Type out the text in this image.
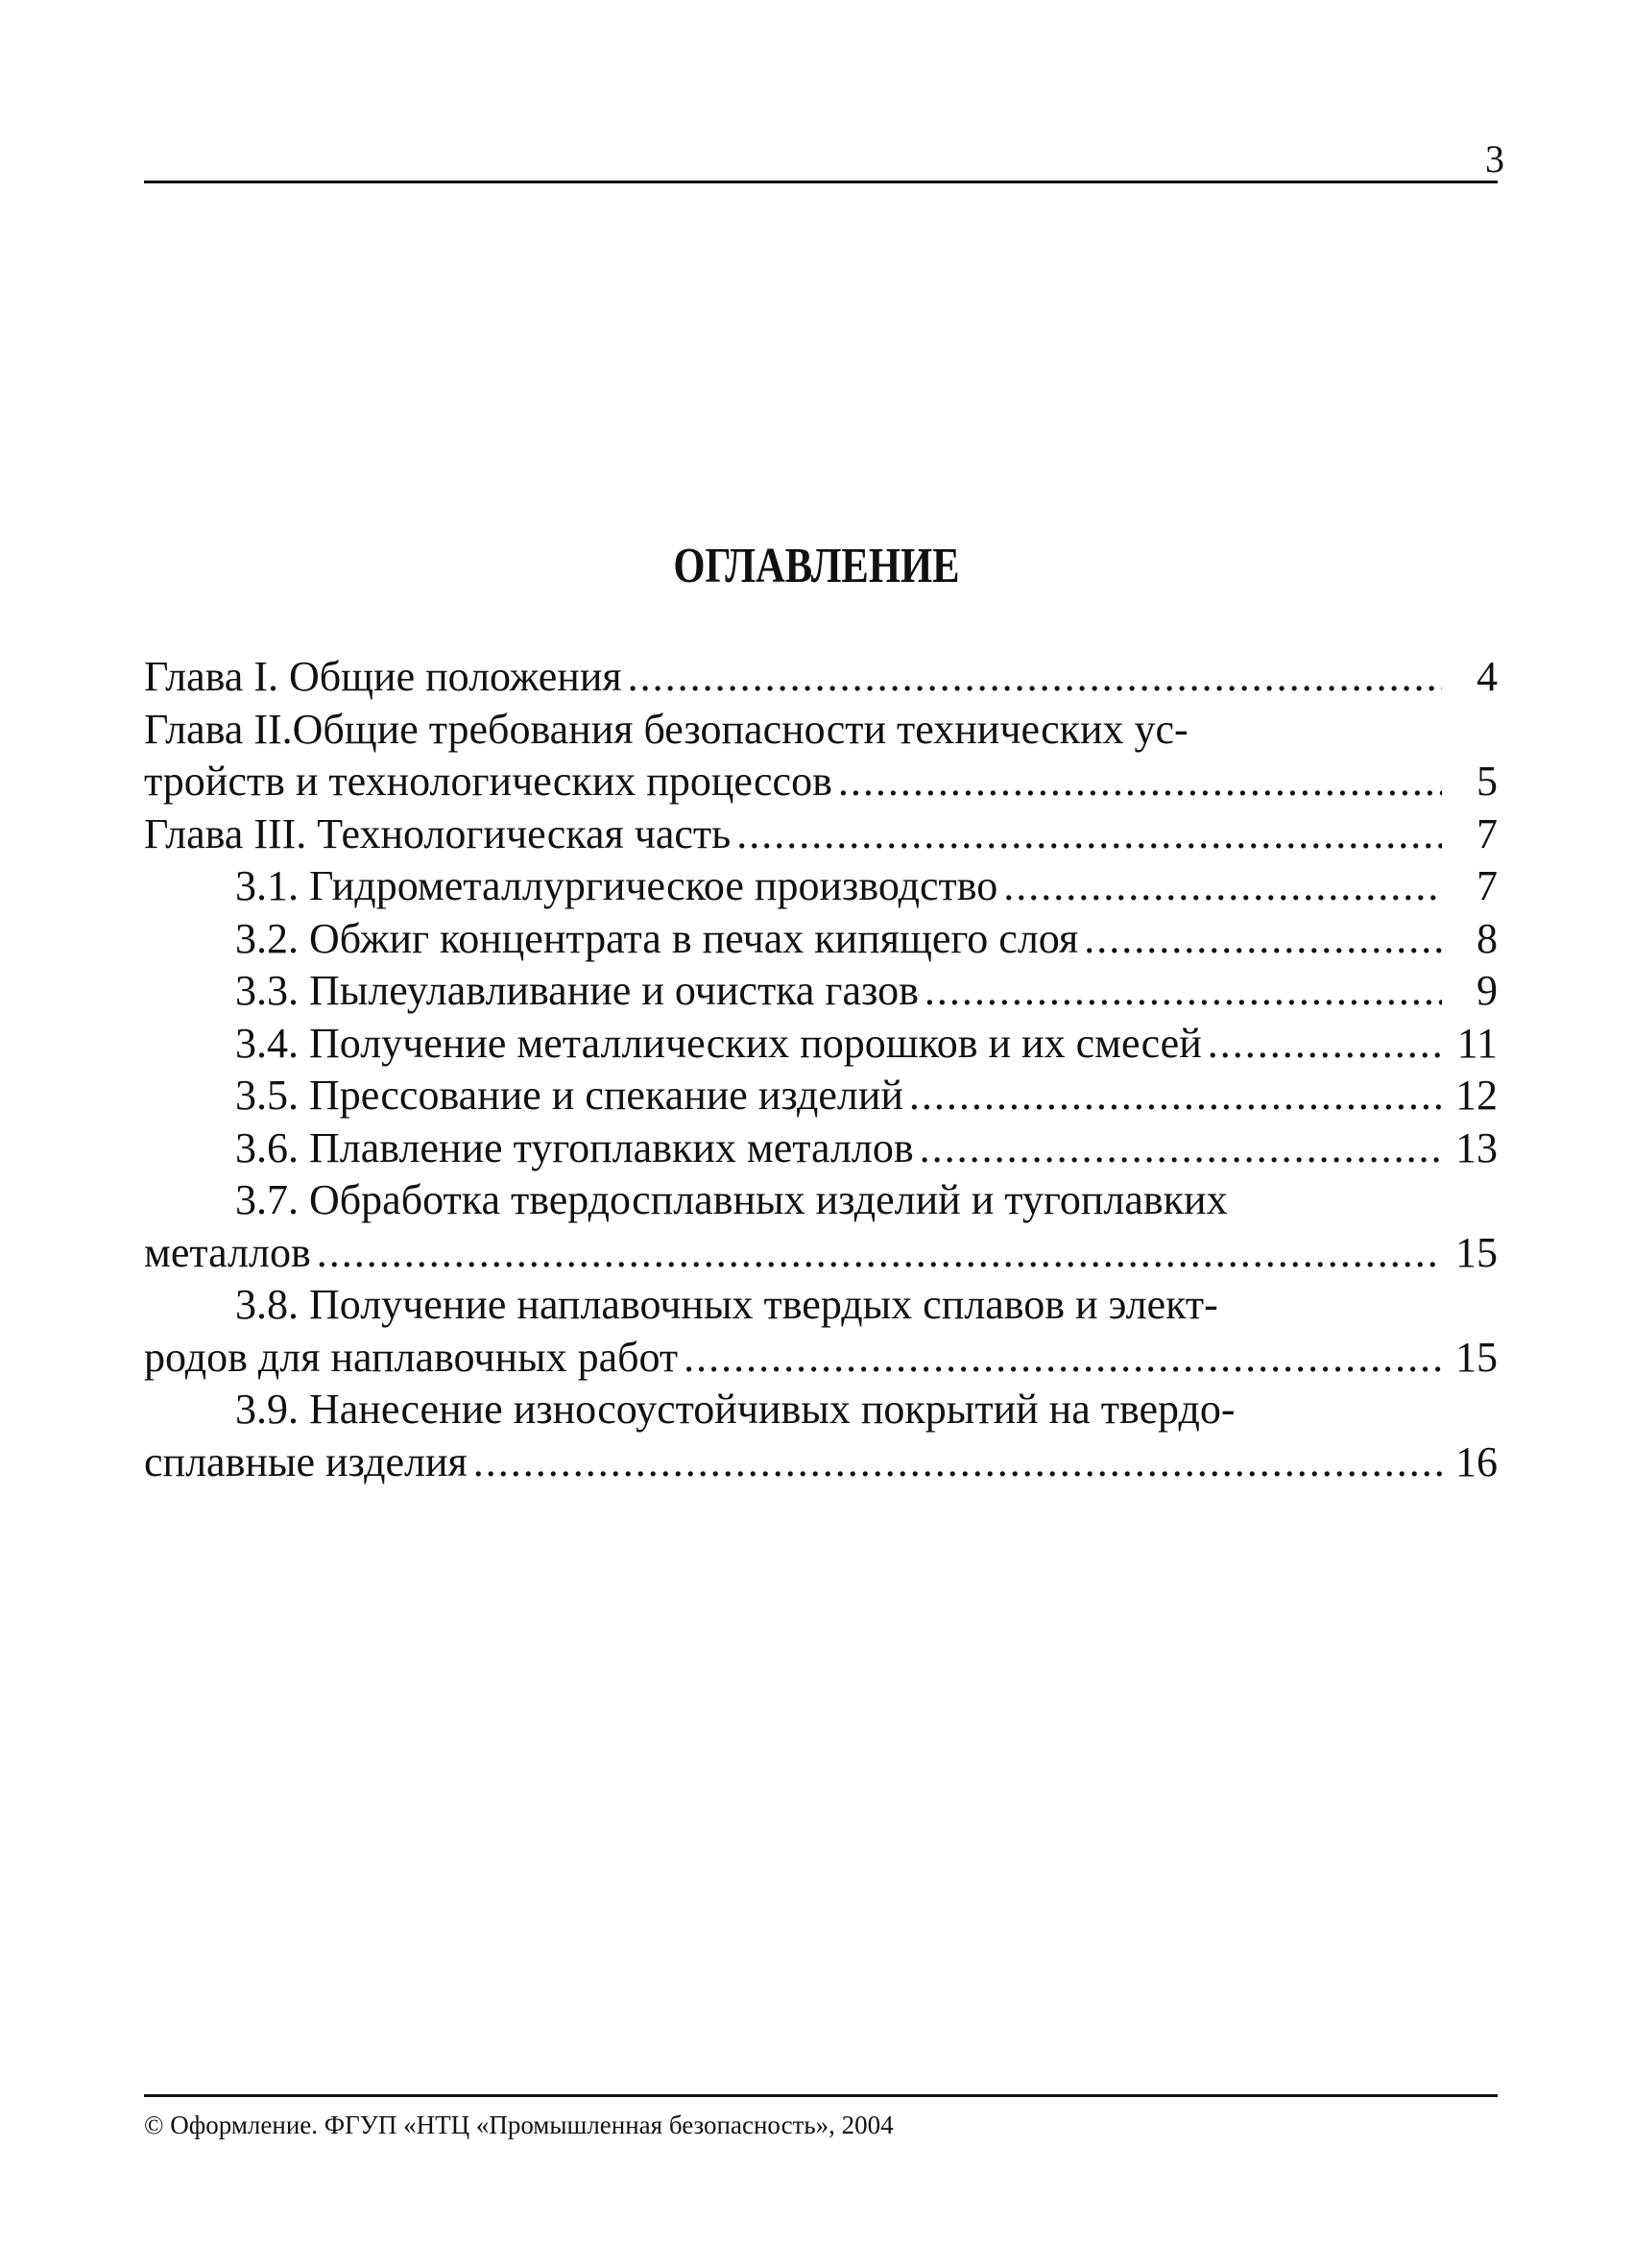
3
ОГЛАВЛЕНИЕ
Глава I. Общие положения .....	4
Глава II.Общие требования безопасности технических ус-
тройств и технологических процессов .....	5
Глава III. Технологическая часть .....	7
3.1. Гидрометаллургическое производство .....	7
3.2. Обжиг концентрата в печах кипящего слоя .....	8
3.3. Пылеулавливание и очистка газов .....	9
3.4. Получение металлических порошков и их смесей .....	11
3.5. Прессование и спекание изделий .....	12
3.6. Плавление тугоплавких металлов .....	13
3.7. Обработка твердосплавных изделий и тугоплавких
металлов .....	15
3.8. Получение наплавочных твердых сплавов и элект-
родов для наплавочных работ .....	15
3.9. Нанесение износоустойчивых покрытий на твердо-
сплавные изделия .....	16
© Оформление. ФГУП «НТЦ «Промышленная безопасность», 2004
